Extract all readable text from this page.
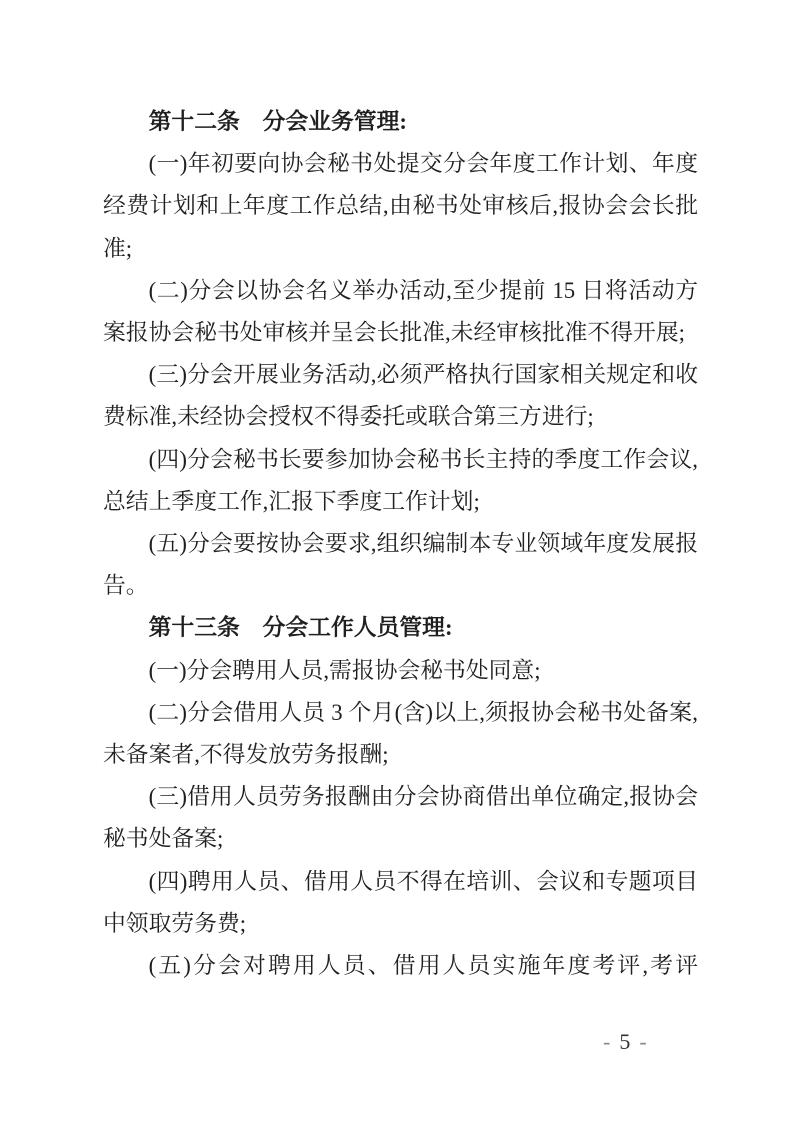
第十二条　分会业务管理:

(一)年初要向协会秘书处提交分会年度工作计划、年度经费计划和上年度工作总结,由秘书处审核后,报协会会长批准;

(二)分会以协会名义举办活动,至少提前 15 日将活动方案报协会秘书处审核并呈会长批准,未经审核批准不得开展;

(三)分会开展业务活动,必须严格执行国家相关规定和收费标准,未经协会授权不得委托或联合第三方进行;

(四)分会秘书长要参加协会秘书长主持的季度工作会议,总结上季度工作,汇报下季度工作计划;

(五)分会要按协会要求,组织编制本专业领域年度发展报告。

第十三条　分会工作人员管理:

(一)分会聘用人员,需报协会秘书处同意;

(二)分会借用人员 3 个月(含)以上,须报协会秘书处备案,未备案者,不得发放劳务报酬;

(三)借用人员劳务报酬由分会协商借出单位确定,报协会秘书处备案;

(四)聘用人员、借用人员不得在培训、会议和专题项目中领取劳务费;

(五)分会对聘用人员、借用人员实施年度考评,考评

- 5 -
